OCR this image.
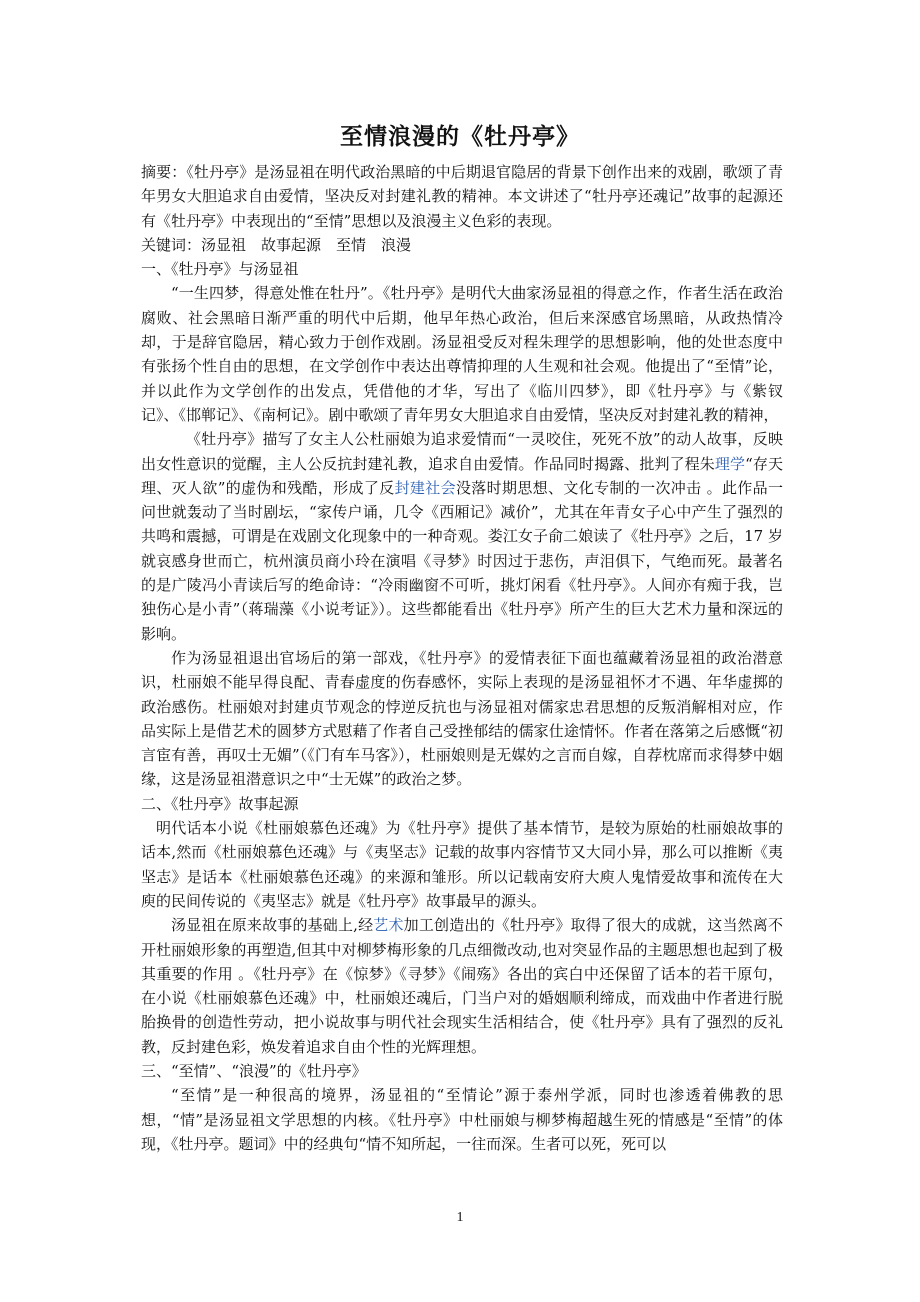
至情浪漫的《牡丹亭》

摘要：《牡丹亭》是汤显祖在明代政治黑暗的中后期退官隐居的背景下创作出来的戏剧，歌颂了青年男女大胆追求自由爱情，坚决反对封建礼教的精神。本文讲述了“牡丹亭还魂记”故事的起源还有《牡丹亭》中表现出的“至情”思想以及浪漫主义色彩的表现。

关键词：汤显祖　故事起源　至情　浪漫

一、《牡丹亭》与汤显祖

“一生四梦，得意处惟在牡丹”。《牡丹亭》是明代大曲家汤显祖的得意之作，作者生活在政治腐败、社会黑暗日渐严重的明代中后期，他早年热心政治，但后来深感官场黑暗，从政热情冷却，于是辞官隐居，精心致力于创作戏剧。汤显祖受反对程朱理学的思想影响，他的处世态度中有张扬个性自由的思想，在文学创作中表达出尊情抑理的人生观和社会观。他提出了“至情”论，并以此作为文学创作的出发点，凭借他的才华，写出了《临川四梦》，即《牡丹亭》与《紫钗记》、《邯郸记》、《南柯记》。剧中歌颂了青年男女大胆追求自由爱情，坚决反对封建礼教的精神，

《牡丹亭》描写了女主人公杜丽娘为追求爱情而“一灵咬住，死死不放”的动人故事，反映出女性意识的觉醒，主人公反抗封建礼教，追求自由爱情。作品同时揭露、批判了程朱理学“存天理、灭人欲”的虚伪和残酷，形成了反封建社会没落时期思想、文化专制的一次冲击 。此作品一问世就轰动了当时剧坛，“家传户诵，几令《西厢记》减价”，尤其在年青女子心中产生了强烈的共鸣和震撼，可谓是在戏剧文化现象中的一种奇观。娄江女子俞二娘读了《牡丹亭》之后，17 岁就哀感身世而亡，杭州演员商小玲在演唱《寻梦》时因过于悲伤，声泪俱下，气绝而死。最著名的是广陵冯小青读后写的绝命诗：“冷雨幽窗不可听，挑灯闲看《牡丹亭》。人间亦有痴于我，岂独伤心是小青”（蒋瑞藻《小说考证》）。这些都能看出《牡丹亭》所产生的巨大艺术力量和深远的影响。

作为汤显祖退出官场后的第一部戏，《牡丹亭》的爱情表征下面也蕴藏着汤显祖的政治潜意识，杜丽娘不能早得良配、青春虚度的伤春感怀，实际上表现的是汤显祖怀才不遇、年华虚掷的政治感伤。杜丽娘对封建贞节观念的悖逆反抗也与汤显祖对儒家忠君思想的反叛消解相对应，作品实际上是借艺术的圆梦方式慰藉了作者自己受挫郁结的儒家仕途情怀。作者在落第之后感慨“初言宦有善，再叹士无媚”（《门有车马客》），杜丽娘则是无媒妁之言而自嫁，自荐枕席而求得梦中姻缘，这是汤显祖潜意识之中“士无媒”的政治之梦。

二、《牡丹亭》故事起源

明代话本小说《杜丽娘慕色还魂》为《牡丹亭》提供了基本情节，是较为原始的杜丽娘故事的话本,然而《杜丽娘慕色还魂》与《夷坚志》记载的故事内容情节又大同小异，那么可以推断《夷坚志》是话本《杜丽娘慕色还魂》的来源和雏形。所以记载南安府大庾人鬼情爱故事和流传在大庾的民间传说的《夷坚志》就是《牡丹亭》故事最早的源头。

汤显祖在原来故事的基础上,经艺术加工创造出的《牡丹亭》取得了很大的成就，这当然离不开杜丽娘形象的再塑造,但其中对柳梦梅形象的几点细微改动,也对突显作品的主题思想也起到了极其重要的作用 。《牡丹亭》在《惊梦》《寻梦》《闹殇》各出的宾白中还保留了话本的若干原句，在小说《杜丽娘慕色还魂》中，杜丽娘还魂后，门当户对的婚姻顺利缔成，而戏曲中作者进行脱胎换骨的创造性劳动，把小说故事与明代社会现实生活相结合，使《牡丹亭》具有了强烈的反礼教，反封建色彩，焕发着追求自由个性的光辉理想。

三、“至情”、“浪漫”的《牡丹亭》

“至情”是一种很高的境界，汤显祖的“至情论”源于泰州学派，同时也渗透着佛教的思想，“情”是汤显祖文学思想的内核。《牡丹亭》中杜丽娘与柳梦梅超越生死的情感是“至情”的体现，《牡丹亭。题词》中的经典句“情不知所起，一往而深。生者可以死，死可以

1
